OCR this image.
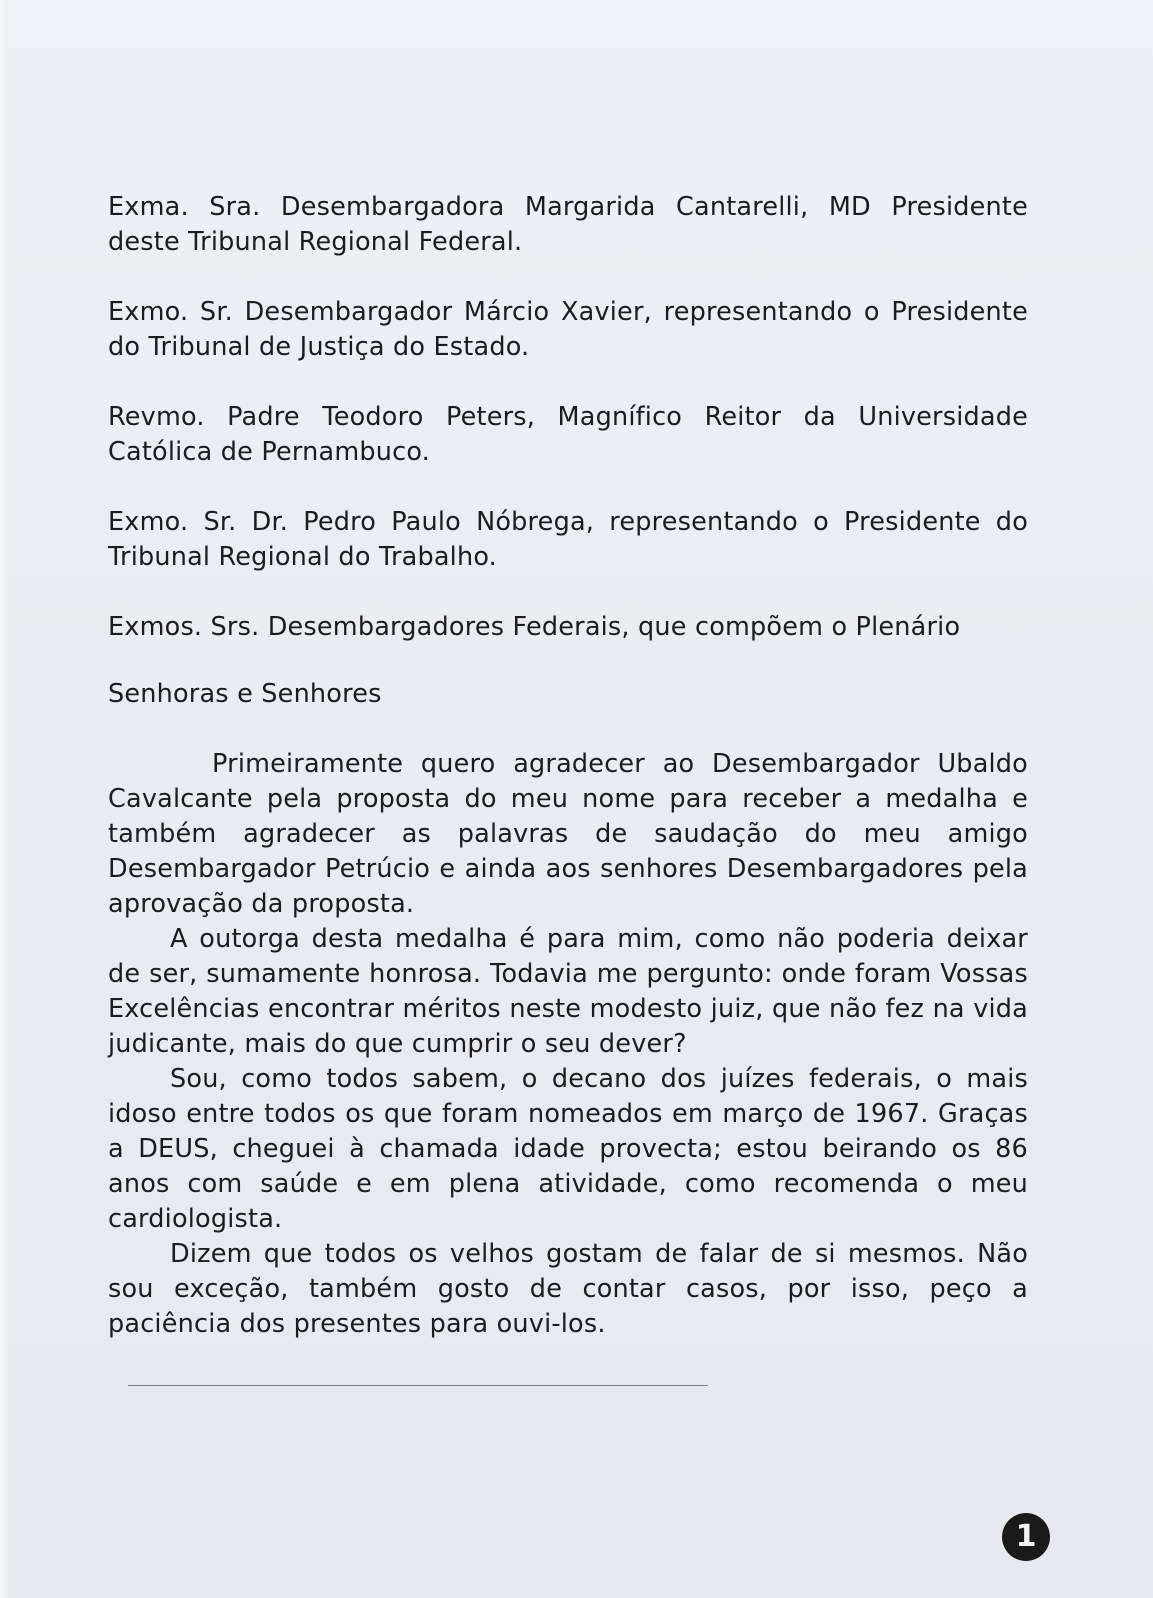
Exma. Sra. Desembargadora Margarida Cantarelli, MD Presidente deste Tribunal Regional Federal.

Exmo. Sr. Desembargador Márcio Xavier, representando o Presidente do Tribunal de Justiça do Estado.

Revmo. Padre Teodoro Peters, Magnífico Reitor da Universidade Católica de Pernambuco.

Exmo. Sr. Dr. Pedro Paulo Nóbrega, representando o Presidente do Tribunal Regional do Trabalho.

Exmos. Srs. Desembargadores Federais, que compõem o Plenário

Senhoras e Senhores

Primeiramente quero agradecer ao Desembargador Ubaldo Cavalcante pela proposta do meu nome para receber a medalha e também agradecer as palavras de saudação do meu amigo Desembargador Petrúcio e ainda aos senhores Desembargadores pela aprovação da proposta.

A outorga desta medalha é para mim, como não poderia deixar de ser, sumamente honrosa. Todavia me pergunto: onde foram Vossas Excelências encontrar méritos neste modesto juiz, que não fez na vida judicante, mais do que cumprir o seu dever?

Sou, como todos sabem, o decano dos juízes federais, o mais idoso entre todos os que foram nomeados em março de 1967. Graças a DEUS, cheguei à chamada idade provecta; estou beirando os 86 anos com saúde e em plena atividade, como recomenda o meu cardiologista.

Dizem que todos os velhos gostam de falar de si mesmos. Não sou exceção, também gosto de contar casos, por isso, peço a paciência dos presentes para ouvi-los.

1
